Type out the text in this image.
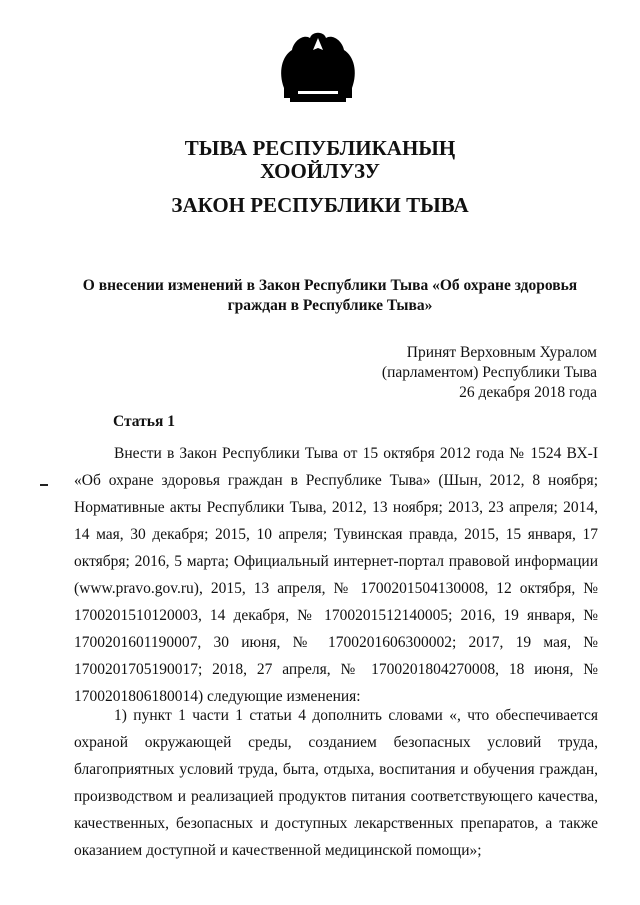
ТЫВА РЕСПУБЛИКАНЫҢ
ХООЙЛУЗУ
ЗАКОН РЕСПУБЛИКИ ТЫВА
О внесении изменений в Закон Республики Тыва «Об охране здоровья
граждан в Республике Тыва»
Принят Верховным Хуралом
(парламентом) Республики Тыва
26 декабря 2018 года
Статья 1

Внести в Закон Республики Тыва от 15 октября 2012 года № 1524 ВХ-I «Об охране здоровья граждан в Республике Тыва» (Шын, 2012, 8 ноября; Нормативные акты Республики Тыва, 2012, 13 ноября; 2013, 23 апреля; 2014, 14 мая, 30 декабря; 2015, 10 апреля; Тувинская правда, 2015, 15 января, 17 октября; 2016, 5 марта; Официальный интернет-портал правовой информации (www.pravo.gov.ru), 2015, 13 апреля, № 1700201504130008, 12 октября, № 1700201510120003, 14 декабря, № 1700201512140005; 2016, 19 января, № 1700201601190007, 30 июня, № 1700201606300002; 2017, 19 мая, № 1700201705190017; 2018, 27 апреля, № 1700201804270008, 18 июня, № 1700201806180014) следующие изменения:

1) пункт 1 части 1 статьи 4 дополнить словами «, что обеспечивается охраной окружающей среды, созданием безопасных условий труда, благоприятных условий труда, быта, отдыха, воспитания и обучения граждан, производством и реализацией продуктов питания соответствующего качества, качественных, безопасных и доступных лекарственных препаратов, а также оказанием доступной и качественной медицинской помощи»;
